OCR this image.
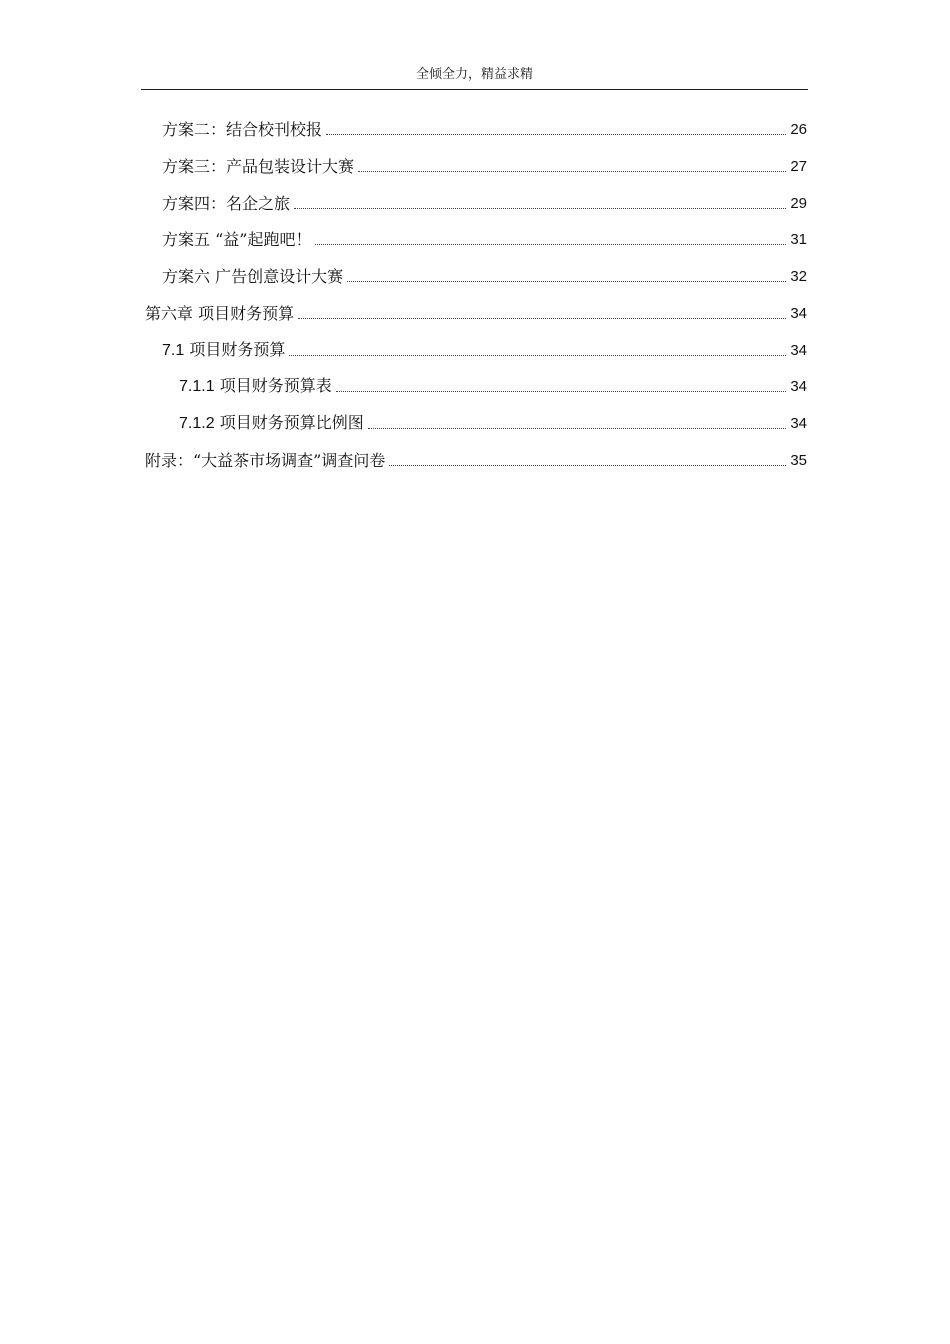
全倾全力，精益求精
方案二：结合校刊校报	26
方案三：产品包装设计大赛	27
方案四：名企之旅	29
方案五 “益”起跑吧！	31
方案六 广告创意设计大赛	32
第六章 项目财务预算	34
7.1 项目财务预算	34
7.1.1 项目财务预算表	34
7.1.2 项目财务预算比例图	34
附录：“大益茶市场调查”调查问卷	35
